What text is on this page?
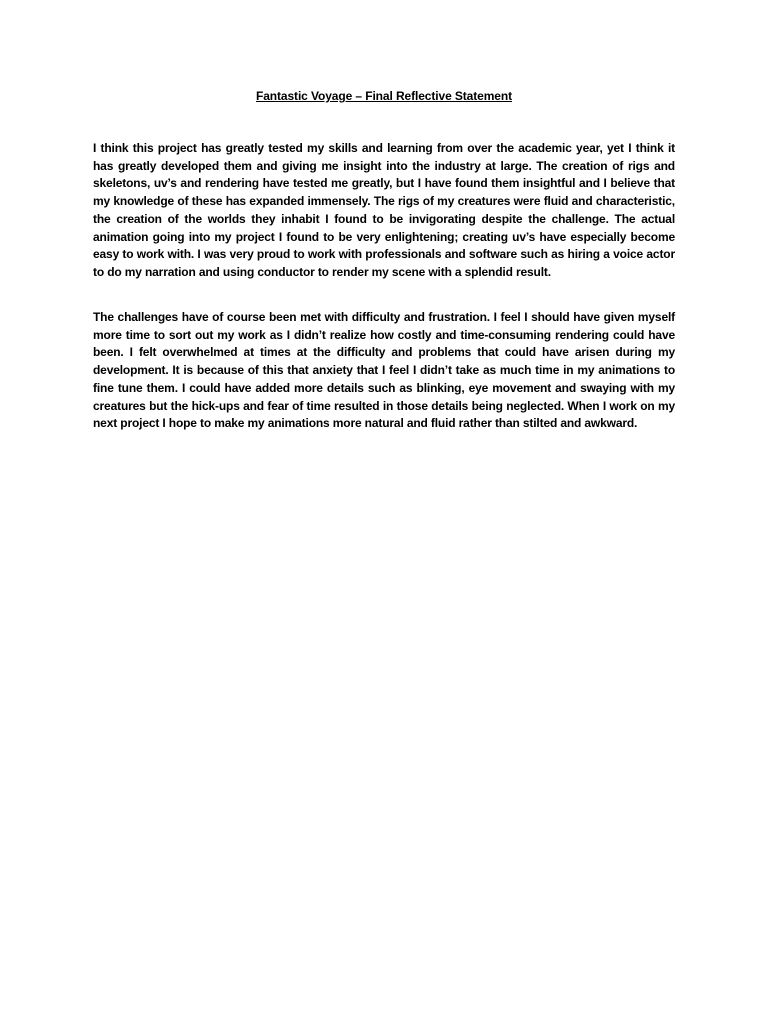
Fantastic Voyage – Final Reflective Statement

I think this project has greatly tested my skills and learning from over the academic year, yet I think it has greatly developed them and giving me insight into the industry at large. The creation of rigs and skeletons, uv’s and rendering have tested me greatly, but I have found them insightful and I believe that my knowledge of these has expanded immensely. The rigs of my creatures were fluid and characteristic, the creation of the worlds they inhabit I found to be invigorating despite the challenge. The actual animation going into my project I found to be very enlightening; creating uv’s have especially become easy to work with. I was very proud to work with professionals and software such as hiring a voice actor to do my narration and using conductor to render my scene with a splendid result.

The challenges have of course been met with difficulty and frustration. I feel I should have given myself more time to sort out my work as I didn’t realize how costly and time-consuming rendering could have been. I felt overwhelmed at times at the difficulty and problems that could have arisen during my development. It is because of this that anxiety that I feel I didn’t take as much time in my animations to fine tune them. I could have added more details such as blinking, eye movement and swaying with my creatures but the hick-ups and fear of time resulted in those details being neglected. When I work on my next project I hope to make my animations more natural and fluid rather than stilted and awkward.
